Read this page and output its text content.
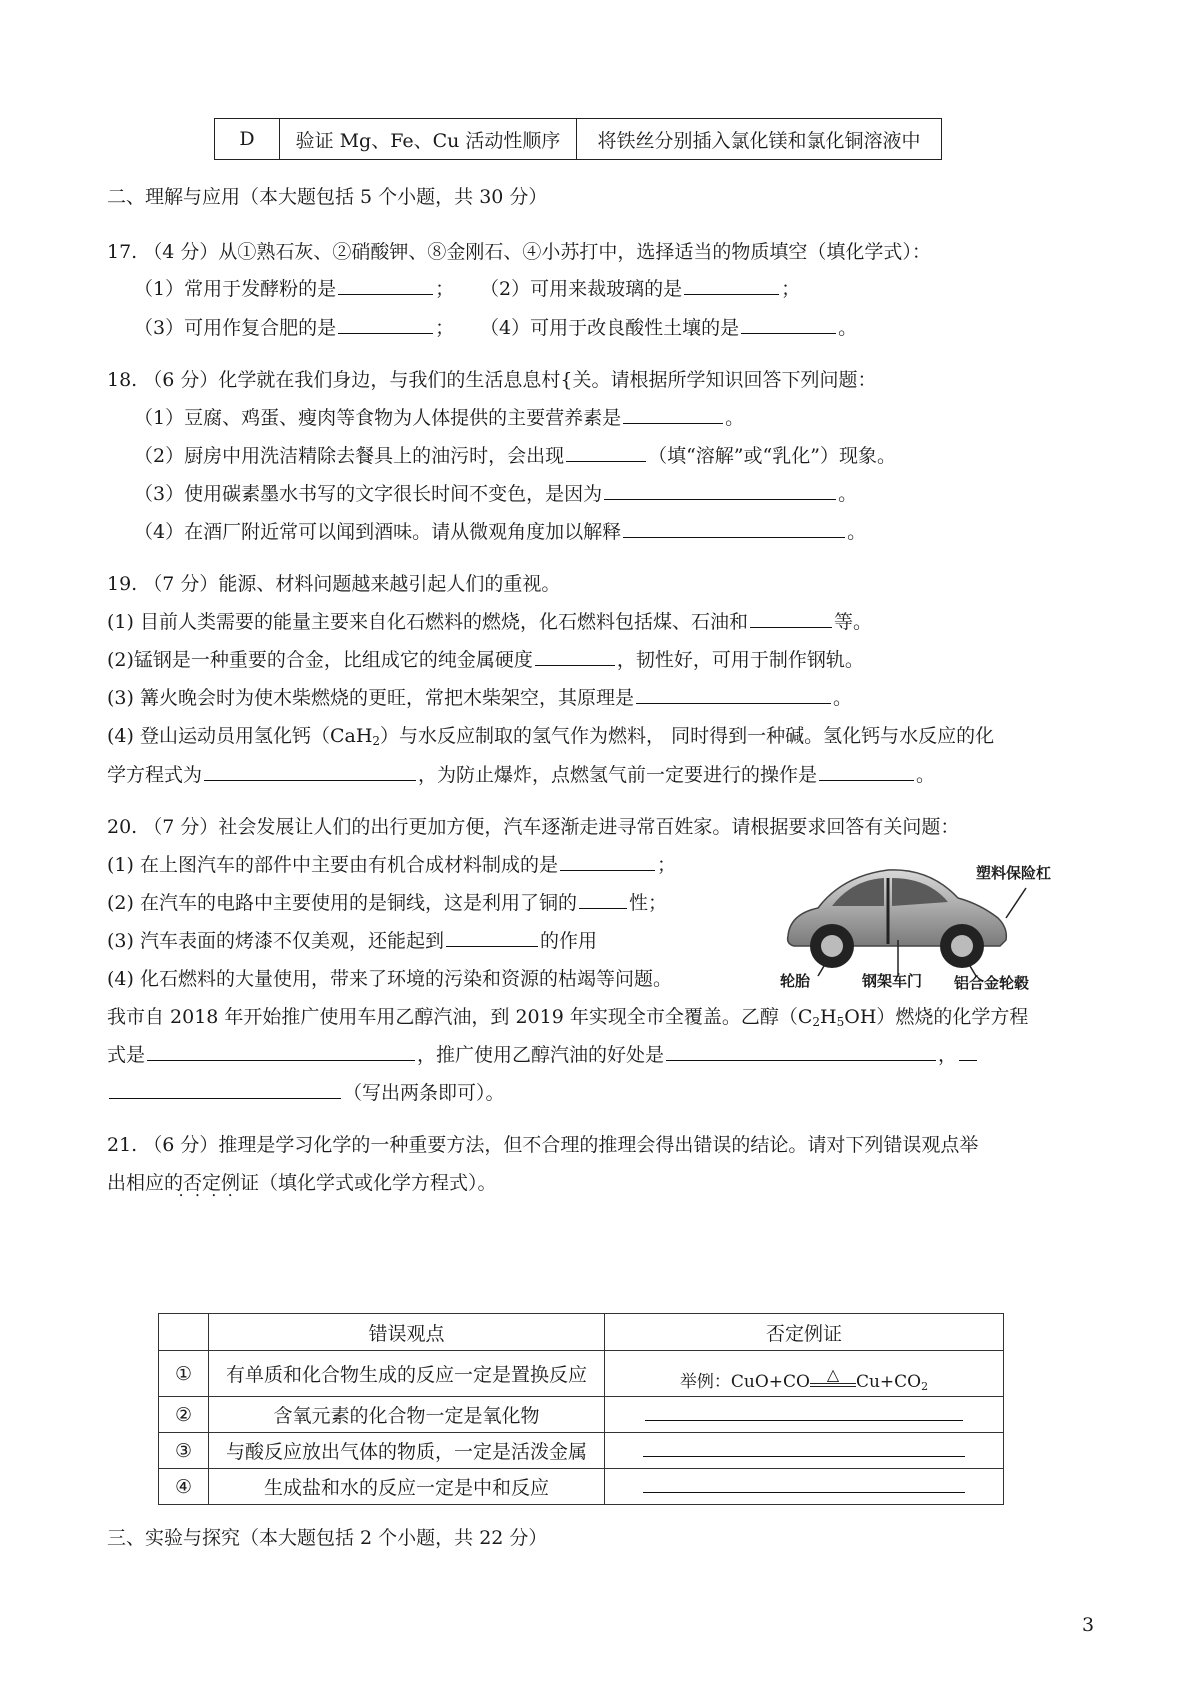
D	验证 Mg、Fe、Cu 活动性顺序	将铁丝分别插入氯化镁和氯化铜溶液中
二、理解与应用（本大题包括 5 个小题，共 30 分）
17. （4 分）从①熟石灰、②硝酸钾、⑧金刚石、④小苏打中，选择适当的物质填空（填化学式）：
（1）常用于发酵粉的是	； （2）可用来裁玻璃的是	；
（3）可用作复合肥的是	； （4）可用于改良酸性土壤的是	。
18. （6 分）化学就在我们身边，与我们的生活息息村{关。请根据所学知识回答下列问题：
（1）豆腐、鸡蛋、瘦肉等食物为人体提供的主要营养素是	。
（2）厨房中用洗洁精除去餐具上的油污时，会出现	（填“溶解”或“乳化”）现象。
（3）使用碳素墨水书写的文字很长时间不变色，是因为	。
（4）在酒厂附近常可以闻到酒味。请从微观角度加以解释	。
19. （7 分）能源、材料问题越来越引起人们的重视。
(1) 目前人类需要的能量主要来自化石燃料的燃烧，化石燃料包括煤、石油和	等。
(2)锰钢是一种重要的合金，比组成它的纯金属硬度	，韧性好，可用于制作钢轨。
(3) 篝火晚会时为使木柴燃烧的更旺，常把木柴架空，其原理是	。
(4) 登山运动员用氢化钙（CaH$_2$）与水反应制取的氢气作为燃料， 同时得到一种碱。氢化钙与水反应的化
学方程式为	，为防止爆炸，点燃氢气前一定要进行的操作是	。
20. （7 分）社会发展让人们的出行更加方便，汽车逐渐走进寻常百姓家。请根据要求回答有关问题：
(1) 在上图汽车的部件中主要由有机合成材料制成的是	；
(2) 在汽车的电路中主要使用的是铜线，这是利用了铜的	性；
(3) 汽车表面的烤漆不仅美观，还能起到	的作用
(4) 化石燃料的大量使用，带来了环境的污染和资源的枯竭等问题。
我市自 2018 年开始推广使用车用乙醇汽油，到 2019 年实现全市全覆盖。乙醇$(C_2H_5OH)$燃烧的化学方程
式是	，推广使用乙醇汽油的好处是	，
（写出两条即可）。
塑料保险杠
轮胎	钢架车门 铝合金轮毂
21. （6 分）推理是学习化学的一种重要方法，但不合理的推理会得出错误的结论。请对下列错误观点举
出相应的否定例证 • • • •（填化学式或化学方程式）。
	错误观点	否定例证
①	有单质和化合物生成的反应一定是置换反应	举例：CuO+CO △ $Cu+CO_2$
②	含氧元素的化合物一定是氧化物	
③	与酸反应放出气体的物质，一定是活泼金属	
④	生成盐和水的反应一定是中和反应	
三、实验与探究（本大题包括 2 个小题，共 22 分）
3
